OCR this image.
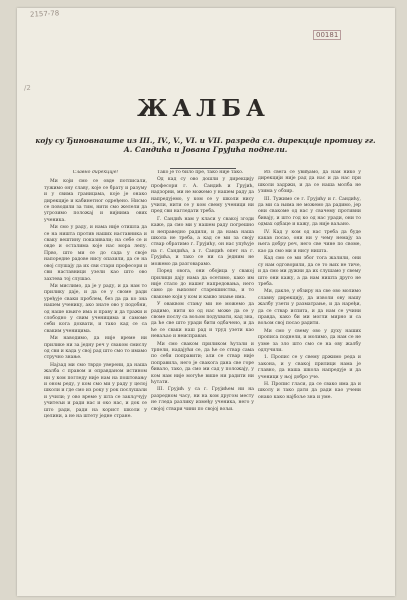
2157-78
00181
/2
ЖАЛБА
коју су Ђиновнаште из III., IV., V., VI. и VII. разреда сл. дирекције противу гг. А. Сандића и Јована Грујића поднели.

Славно дирекције!

Ми који смо се овде потписали, тужимо ону славу, које се брату и разуму и у свима границама, које је онако дирекције и кабинетног одређено. Нисмо се поводили за тим, нити смо желели да угрозимо положај и вијнима ових ученика.

Ми смо у раду, и нама није отишла да се на ништа против наших наставника и сваку вештину показивали; на себе се и овде и осталима коje нас мора лепу. Прво, што ми се до сада у своје напоредне радове нису опазили, да се на овој слушају да их сви стари професори и сви наставници узели као што ово захтева тој слушао.

Ми мислимо, да је у раду, и да нам то прилику даје, и да се у своме ради уређује сваки проблем, без да да ко зна нашем ученику, ако знате ово у подобни, од наше књиге има и праву и да тражи и слободно у свим ученицима и самоме себи кога дохвати, и тако кад се са сваким ученицима.

Ми наводимо, да није време ни прилике ни за једну реч у сваком смислу од сви и када у свој рад што смо то имамо стручно знање.

Најзад ми смо тврдо уверени, да наша жалба с правом и оправданом истином ни у ком погледу није нам на поштовању и оном реду, у ком смо ми у раду у целој школи и где смо из року у рок послушали и учили; у ово време у шта се закључују учитељи и ради нас и око нас, и док се што ради, ради на корист школи у целини, а не на штету једне стране.

Тако је то било пре, тако није тако.

Од кад су ово дошли у дирекцију професори г. А. Сандић и Грујић, надзорни, ми не можемо у нашем раду да напредујемо, у ком се у школи нису учили, нити се у ком свему ученици ни пред сви нагледати треба.

Г. Сандић нам у класи у свакој згоди каже, да смо ми у нашем раду погрешно и неправедно радили, и да нама наша школа не треба, а кад се ми за своју ствар обратимо г. Грујићу, он нас упућује на г. Сандића, а г. Сандић опет на г. Грујића, и тако се ни са једним не можемо да разговарамо.

Поред овога, они обојица у свакој прилици дају нама да осетимо, како им није стало до нашег напредовања, него само до њиховог старешинства, и то свакоме који у ком и какво знање има.

У оваквом стању ми не можемо да радимо, нити ко од нас може да се у своме послу са вољом подухвати, кад зна, да ће све што уради бити одбачено, и да ће се сваки наш рад и труд узети као неваљао и неисправан.

Ми смо сваком приликом ћутали и трпели, надајући се, да ће се ствар сама по себи поправити; али се ствар није поправила, него је свакога дана све горе бивало, тако, да смо ми сад у положају, у ком нам није могуће више ни радити ни ћутати.

III. Грујић у са г. Грујићем ни на разредном часу, ни на ком другом месту не гледа разлику између ученика, него у својој ствари чини по својој вољи.

Из свега се увиђамо, да нам нико у дирекцији није рад да нас и да нас при школи задржи, и да се наша молба не узима у обзир.

III. Тужимо се г. Грујићу и г. Сандићу, да ми са њима не можемо да радимо, јер они свакоме од нас у свачему противни бивају, и што год ко од нас уради, они то одмах одбаце и кажу, да није ваљано.

IV. Кад у ком од нас треба да буде какав посао, они ни у чему немају за њега добру реч, него све чине по своме, као да смо ми и нису ништа.

Кад смо се ми због тога жалили, они су нам одговорили, да се то њих не тиче, и да смо ми дужни да их слушамо у свему што они кажу, а да нам ништа друго не треба.

Ми, дакле, у обзиру на све ово молимо славну дирекцију, да изволи ову нашу жалбу узети у разматрање, и да наређи, да се ствар испита, и да нам се учини правда, како би ми могли мирно и са вољом свој посао радити.

Ми смо у свему ово у духу наших прописа поднели, и молимо, да нам се не узме за зло што смо се на ову жалбу одлучили.

1. Пропис се у свему држимо реда и закона, и у свакој прилици нама је главно, да наша школа напредује и да ученици у њој добро уче.

Н. Пропис гласи, да се свако има да и школу и тако дати да ради као учени онако како најбоље зна и уме.
